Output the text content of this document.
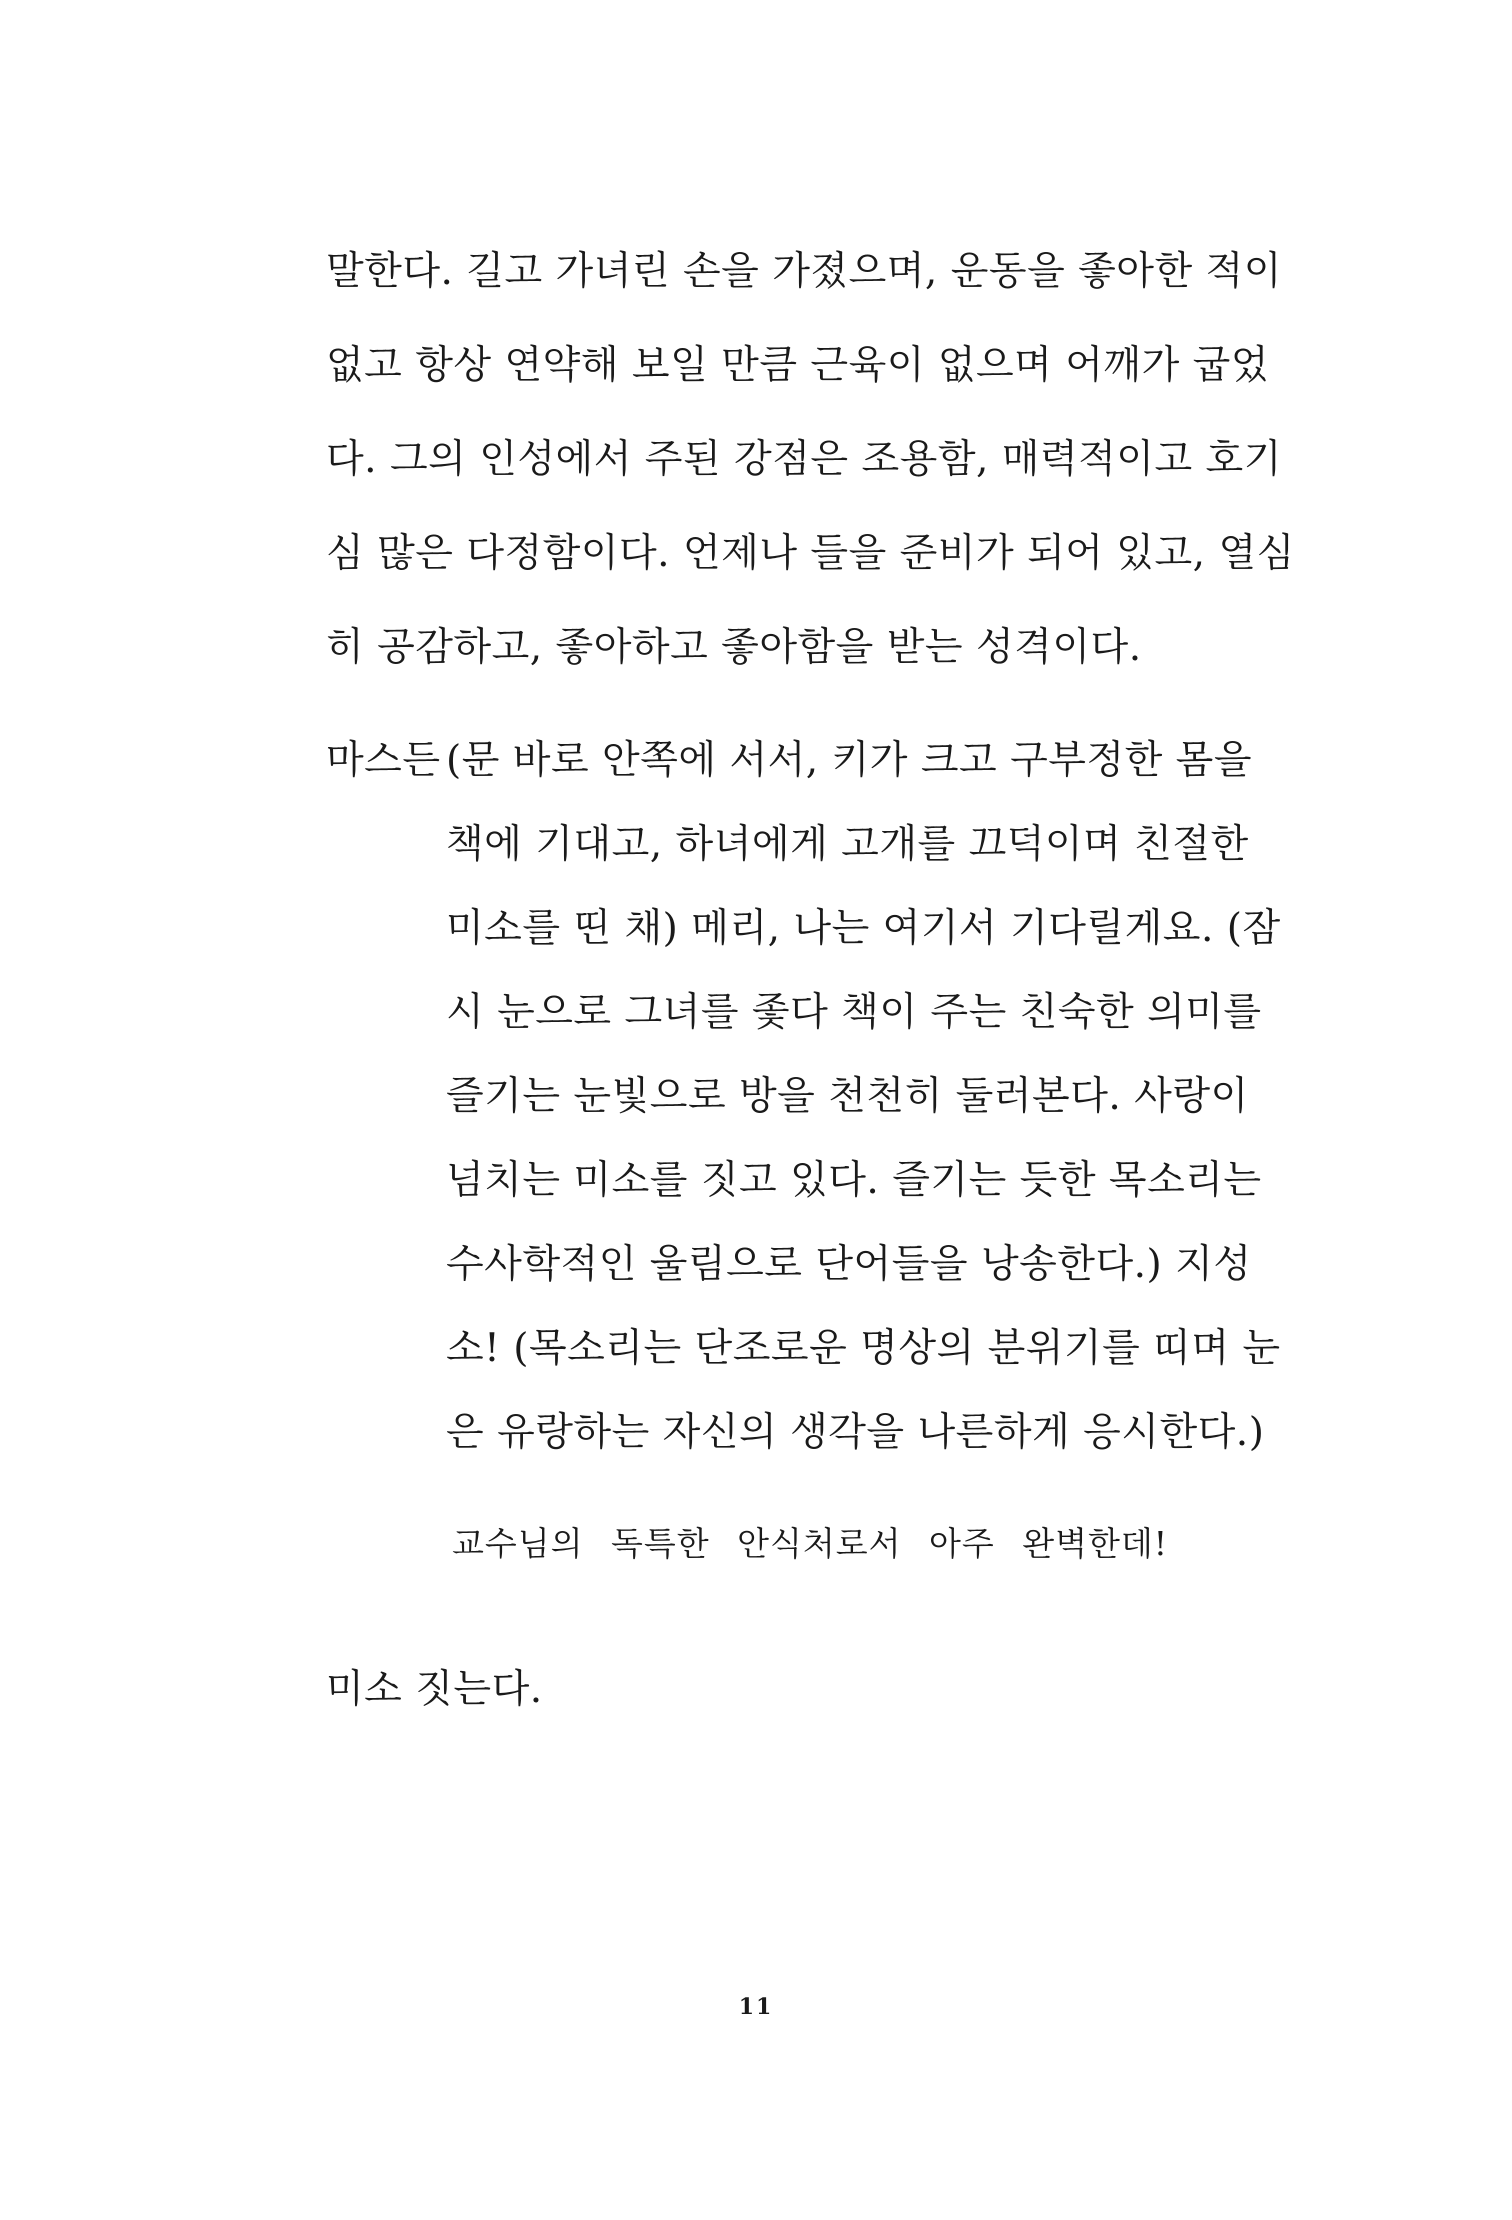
말한다. 길고 가녀린 손을 가졌으며, 운동을 좋아한 적이
없고 항상 연약해 보일 만큼 근육이 없으며 어깨가 굽었
다. 그의 인성에서 주된 강점은 조용함, 매력적이고 호기
심 많은 다정함이다. 언제나 들을 준비가 되어 있고, 열심
히 공감하고, 좋아하고 좋아함을 받는 성격이다.
마스든 (문 바로 안쪽에 서서, 키가 크고 구부정한 몸을
책에 기대고, 하녀에게 고개를 끄덕이며 친절한
미소를 띤 채) 메리, 나는 여기서 기다릴게요. (잠
시 눈으로 그녀를 좇다 책이 주는 친숙한 의미를
즐기는 눈빛으로 방을 천천히 둘러본다. 사랑이
넘치는 미소를 짓고 있다. 즐기는 듯한 목소리는
수사학적인 울림으로 단어들을 낭송한다.) 지성
소! (목소리는 단조로운 명상의 분위기를 띠며 눈
은 유랑하는 자신의 생각을 나른하게 응시한다.)
교수님의 독특한 안식처로서 아주 완벽한데!
미소 짓는다.
11
